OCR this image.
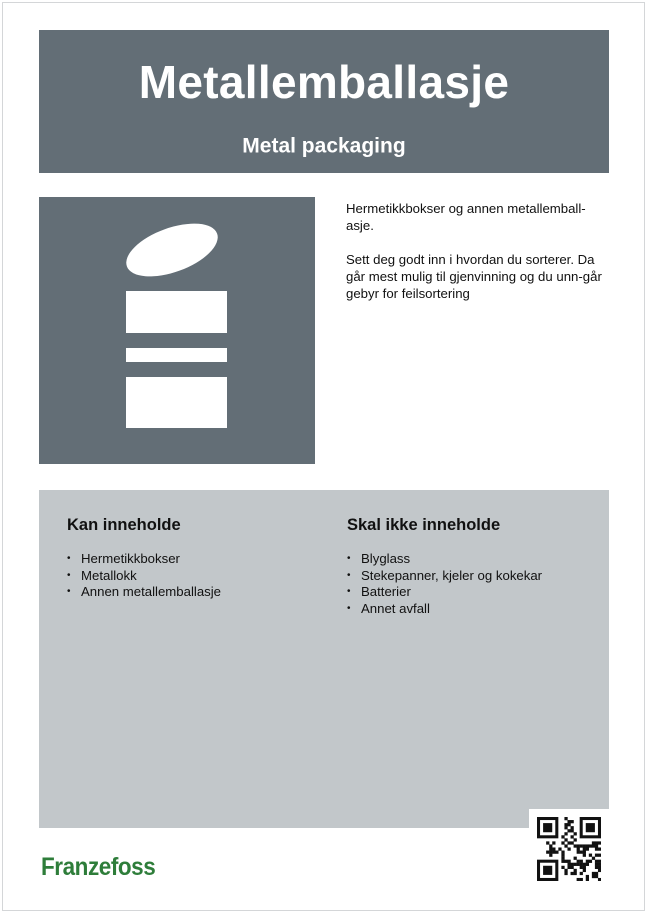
Metallemballasje
Metal packaging

Hermetikkbokser og annen metallemball-
asje.

Sett deg godt inn i hvordan du sorterer. Da går mest mulig til gjenvinning og du unn-går gebyr for feilsortering

Kan inneholde
• Hermetikkbokser
• Metallokk
• Annen metallemballasje
Skal ikke inneholde
• Blyglass
• Stekepanner, kjeler og kokekar
• Batterier
• Annet avfall
Franzefoss
